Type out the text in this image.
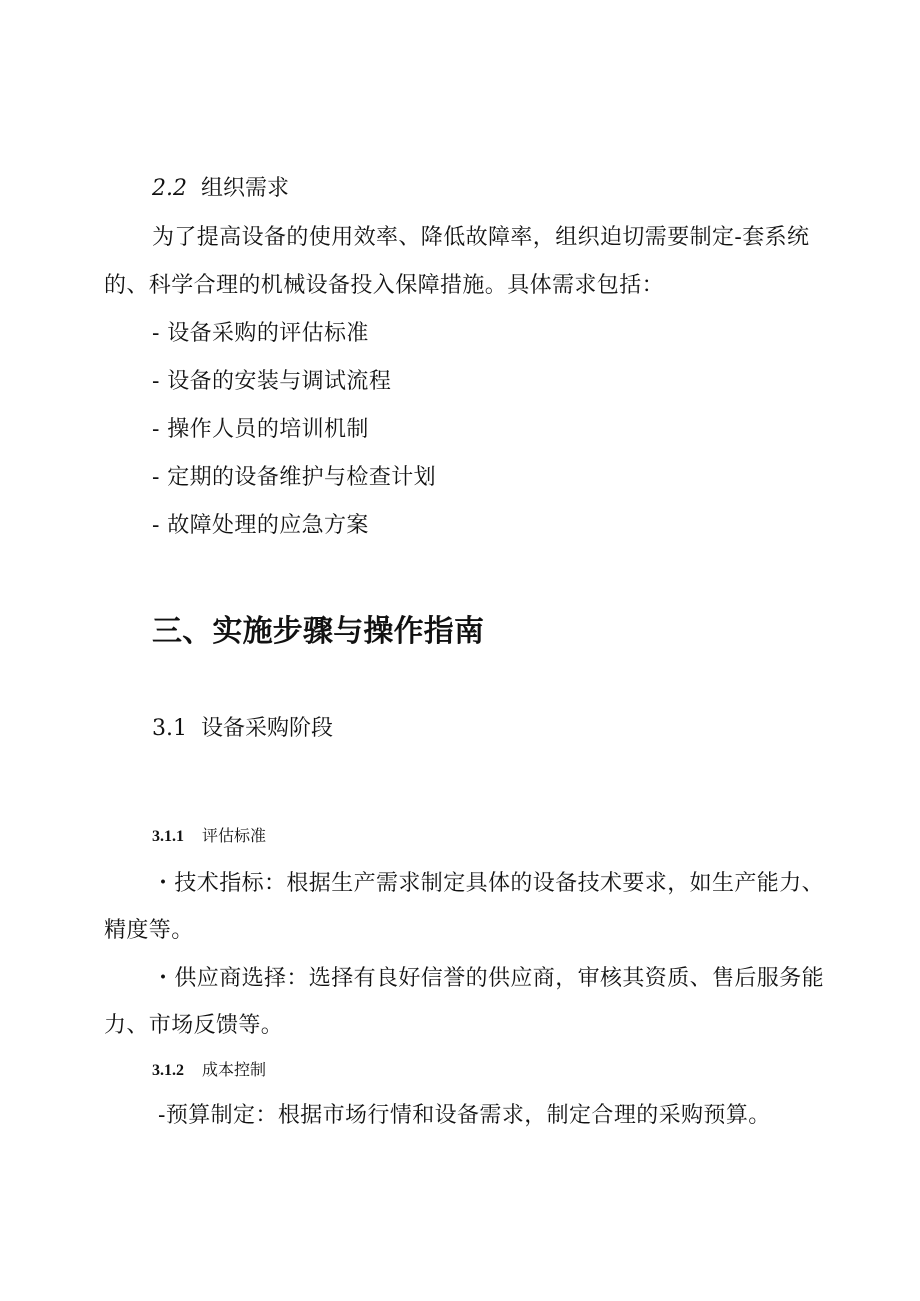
2.2 组织需求
为了提高设备的使用效率、降低故障率，组织迫切需要制定-套系统
的、科学合理的机械设备投入保障措施。具体需求包括：
- 设备采购的评估标准
- 设备的安装与调试流程
- 操作人员的培训机制
- 定期的设备维护与检查计划
- 故障处理的应急方案
三、实施步骤与操作指南
3.1 设备采购阶段
3.1.1 评估标准
・技术指标：根据生产需求制定具体的设备技术要求，如生产能力、
精度等。
・供应商选择：选择有良好信誉的供应商，审核其资质、售后服务能
力、市场反馈等。
3.1.2 成本控制
-预算制定：根据市场行情和设备需求，制定合理的采购预算。
